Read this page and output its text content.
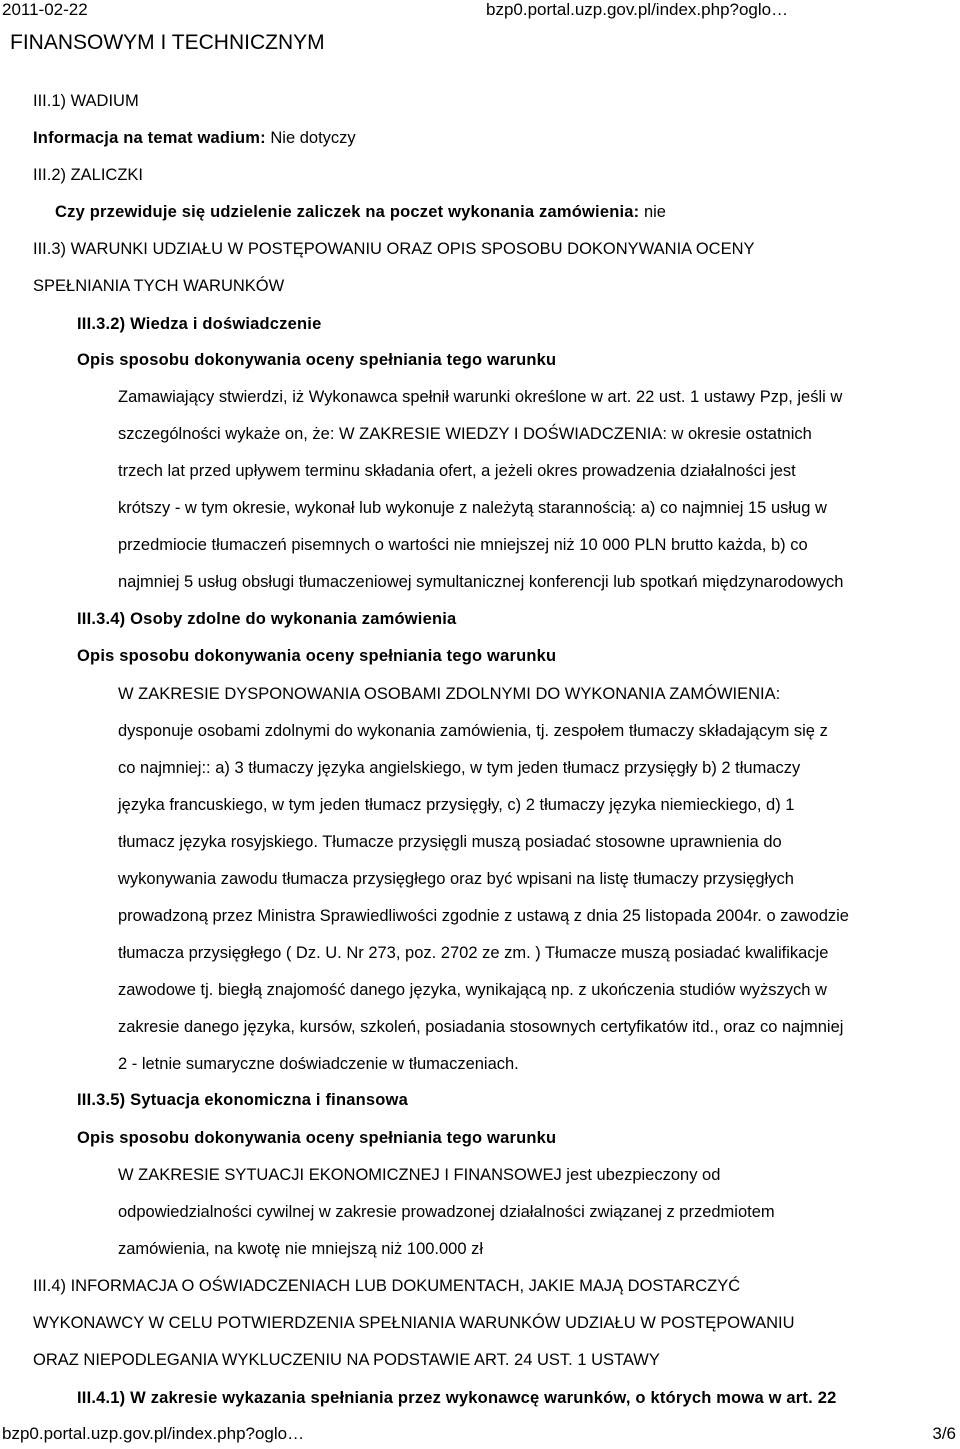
2011-02-22	bzp0.portal.uzp.gov.pl/index.php?oglo…
FINANSOWYM I TECHNICZNYM
III.1) WADIUM
Informacja na temat wadium: Nie dotyczy
III.2) ZALICZKI
Czy przewiduje się udzielenie zaliczek na poczet wykonania zamówienia: nie
III.3) WARUNKI UDZIAŁU W POSTĘPOWANIU ORAZ OPIS SPOSOBU DOKONYWANIA OCENY
SPEŁNIANIA TYCH WARUNKÓW
III.3.2) Wiedza i doświadczenie
Opis sposobu dokonywania oceny spełniania tego warunku
Zamawiający stwierdzi, iż Wykonawca spełnił warunki określone w art. 22 ust. 1 ustawy Pzp, jeśli w
szczególności wykaże on, że: W ZAKRESIE WIEDZY I DOŚWIADCZENIA: w okresie ostatnich
trzech lat przed upływem terminu składania ofert, a jeżeli okres prowadzenia działalności jest
krótszy - w tym okresie, wykonał lub wykonuje z należytą starannością: a) co najmniej 15 usług w
przedmiocie tłumaczeń pisemnych o wartości nie mniejszej niż 10 000 PLN brutto każda, b) co
najmniej 5 usług obsługi tłumaczeniowej symultanicznej konferencji lub spotkań międzynarodowych
III.3.4) Osoby zdolne do wykonania zamówienia
Opis sposobu dokonywania oceny spełniania tego warunku
W ZAKRESIE DYSPONOWANIA OSOBAMI ZDOLNYMI DO WYKONANIA ZAMÓWIENIA:
dysponuje osobami zdolnymi do wykonania zamówienia, tj. zespołem tłumaczy składającym się z
co najmniej:: a) 3 tłumaczy języka angielskiego, w tym jeden tłumacz przysięgły b) 2 tłumaczy
języka francuskiego, w tym jeden tłumacz przysięgły, c) 2 tłumaczy języka niemieckiego, d) 1
tłumacz języka rosyjskiego. Tłumacze przysięgli muszą posiadać stosowne uprawnienia do
wykonywania zawodu tłumacza przysięgłego oraz być wpisani na listę tłumaczy przysięgłych
prowadzoną przez Ministra Sprawiedliwości zgodnie z ustawą z dnia 25 listopada 2004r. o zawodzie
tłumacza przysięgłego ( Dz. U. Nr 273, poz. 2702 ze zm. ) Tłumacze muszą posiadać kwalifikacje
zawodowe tj. biegłą znajomość danego języka, wynikającą np. z ukończenia studiów wyższych w
zakresie danego języka, kursów, szkoleń, posiadania stosownych certyfikatów itd., oraz co najmniej
2 - letnie sumaryczne doświadczenie w tłumaczeniach.
III.3.5) Sytuacja ekonomiczna i finansowa
Opis sposobu dokonywania oceny spełniania tego warunku
W ZAKRESIE SYTUACJI EKONOMICZNEJ I FINANSOWEJ jest ubezpieczony od
odpowiedzialności cywilnej w zakresie prowadzonej działalności związanej z przedmiotem
zamówienia, na kwotę nie mniejszą niż 100.000 zł
III.4) INFORMACJA O OŚWIADCZENIACH LUB DOKUMENTACH, JAKIE MAJĄ DOSTARCZYĆ
WYKONAWCY W CELU POTWIERDZENIA SPEŁNIANIA WARUNKÓW UDZIAŁU W POSTĘPOWANIU
ORAZ NIEPODLEGANIA WYKLUCZENIU NA PODSTAWIE ART. 24 UST. 1 USTAWY
III.4.1) W zakresie wykazania spełniania przez wykonawcę warunków, o których mowa w art. 22
bzp0.portal.uzp.gov.pl/index.php?oglo…	3/6
